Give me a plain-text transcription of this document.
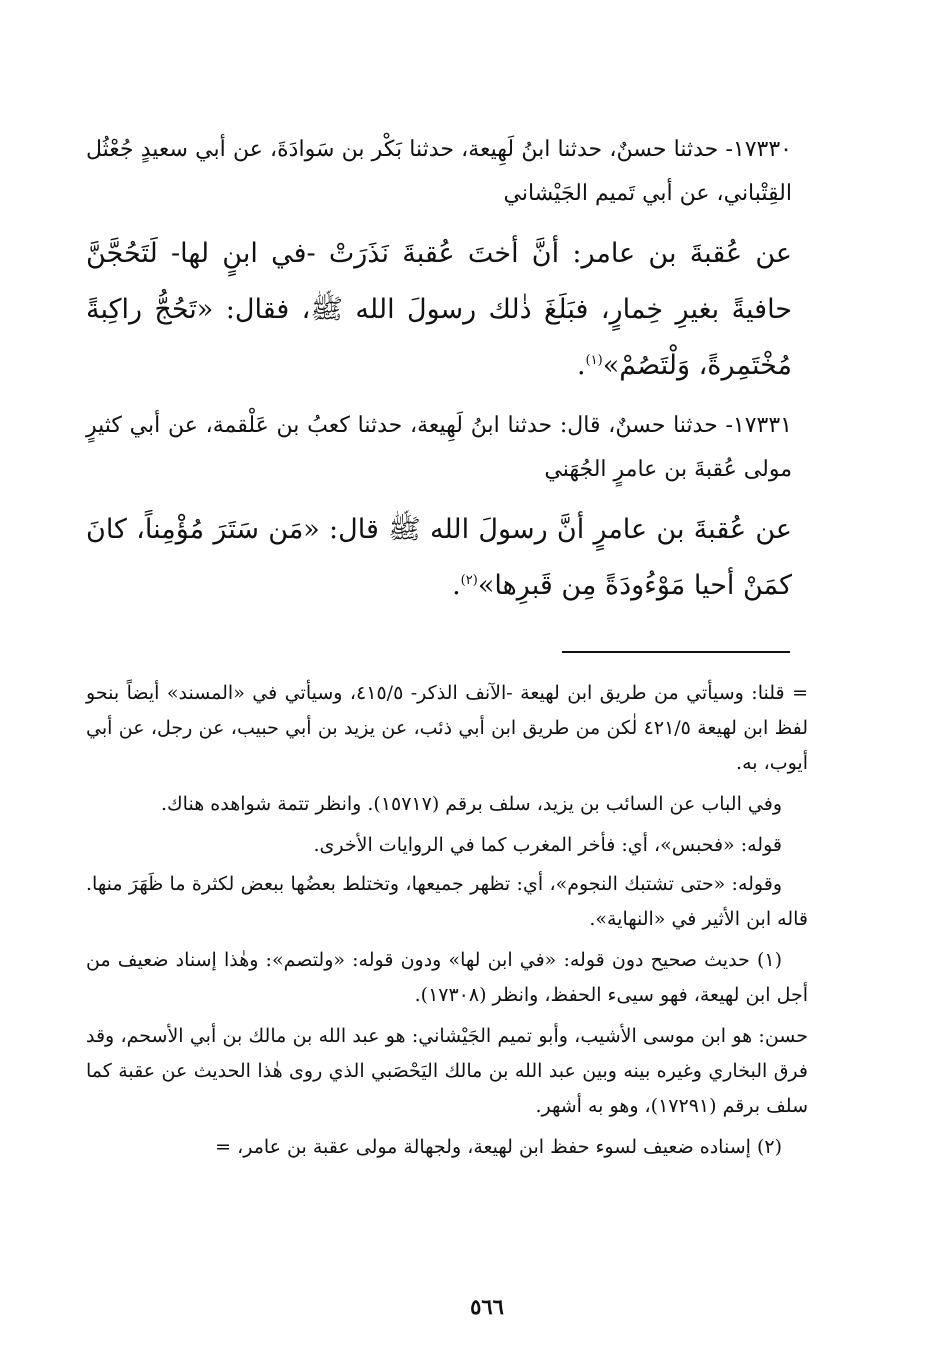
١٧٣٣٠- حدثنا حسنٌ، حدثنا ابنُ لَهِيعة، حدثنا بَكْر بن سَوادَةَ، عن أبي سعيدٍ جُعْثُل القِتْباني، عن أبي تَميم الجَيْشاني

عن عُقبةَ بن عامر: أنَّ أختَ عُقبةَ نَذَرَتْ -في ابنٍ لها- لَتَحُجَّنَّ حافيةً بغيرِ خِمارٍ، فبَلَغَ ذٰلك رسولَ الله ﷺ، فقال: «تَحُجُّ راكِبةً مُخْتَمِرةً، وَلْتَصُمْ»$^{(١)}$.

١٧٣٣١- حدثنا حسنٌ، قال: حدثنا ابنُ لَهِيعة، حدثنا كعبُ بن عَلْقمة، عن أبي كثيرٍ مولى عُقبةَ بن عامرٍ الجُهَني

عن عُقبةَ بن عامرٍ أنَّ رسولَ الله ﷺ قال: «مَن سَتَرَ مُؤْمِناً، كانَ كمَنْ أحيا مَوْءُودَةً مِن قَبرِها»$^{(٢)}$.

= قلنا: وسيأتي من طريق ابن لهيعة -الآنف الذكر- ٤١٥/٥، وسيأتي في «المسند» أيضاً بنحو لفظ ابن لهيعة ٤٢١/٥ لٰكن من طريق ابن أبي ذئب، عن يزيد بن أبي حبيب، عن رجل، عن أبي أيوب، به.

وفي الباب عن السائب بن يزيد، سلف برقم (١٥٧١٧). وانظر تتمة شواهده هناك.

قوله: «فحبس»، أي: فأخر المغرب كما في الروايات الأخرى.

وقوله: «حتى تشتبك النجوم»، أي: تظهر جميعها، وتختلط بعضُها ببعض لكثرة ما ظَهَرَ منها. قاله ابن الأثير في «النهاية».

(١) حديث صحيح دون قوله: «في ابن لها» ودون قوله: «ولتصم»: وهٰذا إسناد ضعيف من أجل ابن لهيعة، فهو سيىء الحفظ، وانظر (١٧٣٠٨).

حسن: هو ابن موسى الأشيب، وأبو تميم الجَيْشاني: هو عبد الله بن مالك بن أبي الأسحم، وقد فرق البخاري وغيره بينه وبين عبد الله بن مالك اليَحْصَبي الذي روى هٰذا الحديث عن عقبة كما سلف برقم (١٧٢٩١)، وهو به أشهر.

(٢) إسناده ضعيف لسوء حفظ ابن لهيعة، ولجهالة مولى عقبة بن عامر، =

٥٦٦
